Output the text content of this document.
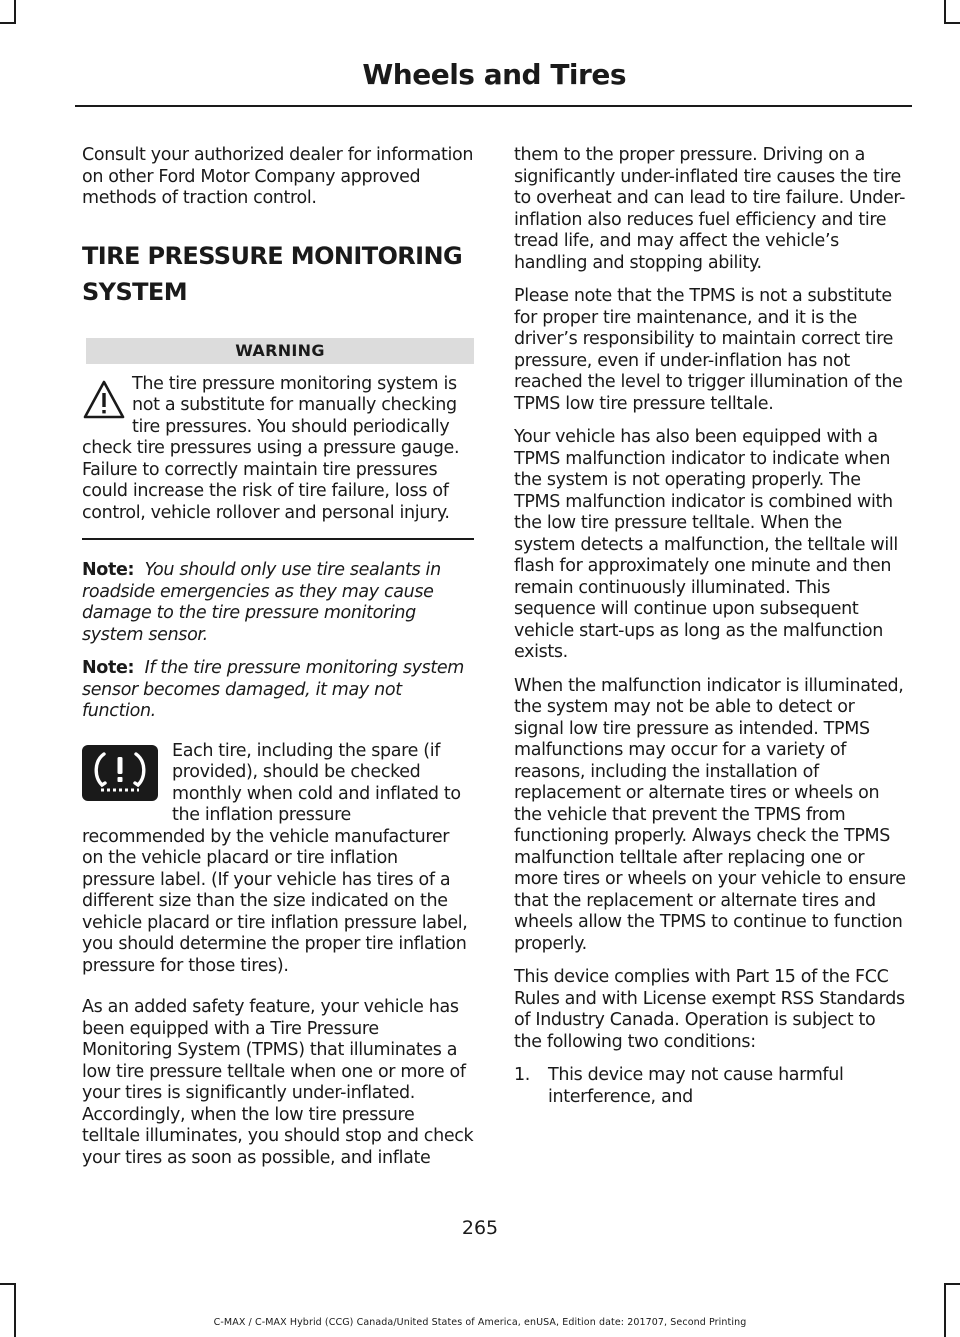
Wheels and Tires

Consult your authorized dealer for information on other Ford Motor Company approved methods of traction control.

TIRE PRESSURE MONITORING SYSTEM
WARNING

The tire pressure monitoring system is not a substitute for manually checking tire pressures. You should periodically check tire pressures using a pressure gauge. Failure to correctly maintain tire pressures could increase the risk of tire failure, loss of control, vehicle rollover and personal injury.

Note: You should only use tire sealants in roadside emergencies as they may cause damage to the tire pressure monitoring system sensor.

Note: If the tire pressure monitoring system sensor becomes damaged, it may not function.

Each tire, including the spare (if provided), should be checked monthly when cold and inflated to the inflation pressure recommended by the vehicle manufacturer on the vehicle placard or tire inflation pressure label. (If your vehicle has tires of a different size than the size indicated on the vehicle placard or tire inflation pressure label, you should determine the proper tire inflation pressure for those tires).

As an added safety feature, your vehicle has been equipped with a Tire Pressure Monitoring System (TPMS) that illuminates a low tire pressure telltale when one or more of your tires is significantly under-inflated. Accordingly, when the low tire pressure telltale illuminates, you should stop and check your tires as soon as possible, and inflate

them to the proper pressure. Driving on a significantly under-inflated tire causes the tire to overheat and can lead to tire failure. Under-inflation also reduces fuel efficiency and tire tread life, and may affect the vehicle’s handling and stopping ability.

Please note that the TPMS is not a substitute for proper tire maintenance, and it is the driver’s responsibility to maintain correct tire pressure, even if under-inflation has not reached the level to trigger illumination of the TPMS low tire pressure telltale.

Your vehicle has also been equipped with a TPMS malfunction indicator to indicate when the system is not operating properly. The TPMS malfunction indicator is combined with the low tire pressure telltale. When the system detects a malfunction, the telltale will flash for approximately one minute and then remain continuously illuminated. This sequence will continue upon subsequent vehicle start-ups as long as the malfunction exists.

When the malfunction indicator is illuminated, the system may not be able to detect or signal low tire pressure as intended. TPMS malfunctions may occur for a variety of reasons, including the installation of replacement or alternate tires or wheels on the vehicle that prevent the TPMS from functioning properly. Always check the TPMS malfunction telltale after replacing one or more tires or wheels on your vehicle to ensure that the replacement or alternate tires and wheels allow the TPMS to continue to function properly.

This device complies with Part 15 of the FCC Rules and with License exempt RSS Standards of Industry Canada. Operation is subject to the following two conditions:

1. This device may not cause harmful interference, and
265
C-MAX / C-MAX Hybrid (CCG) Canada/United States of America, enUSA, Edition date: 201707, Second Printing
